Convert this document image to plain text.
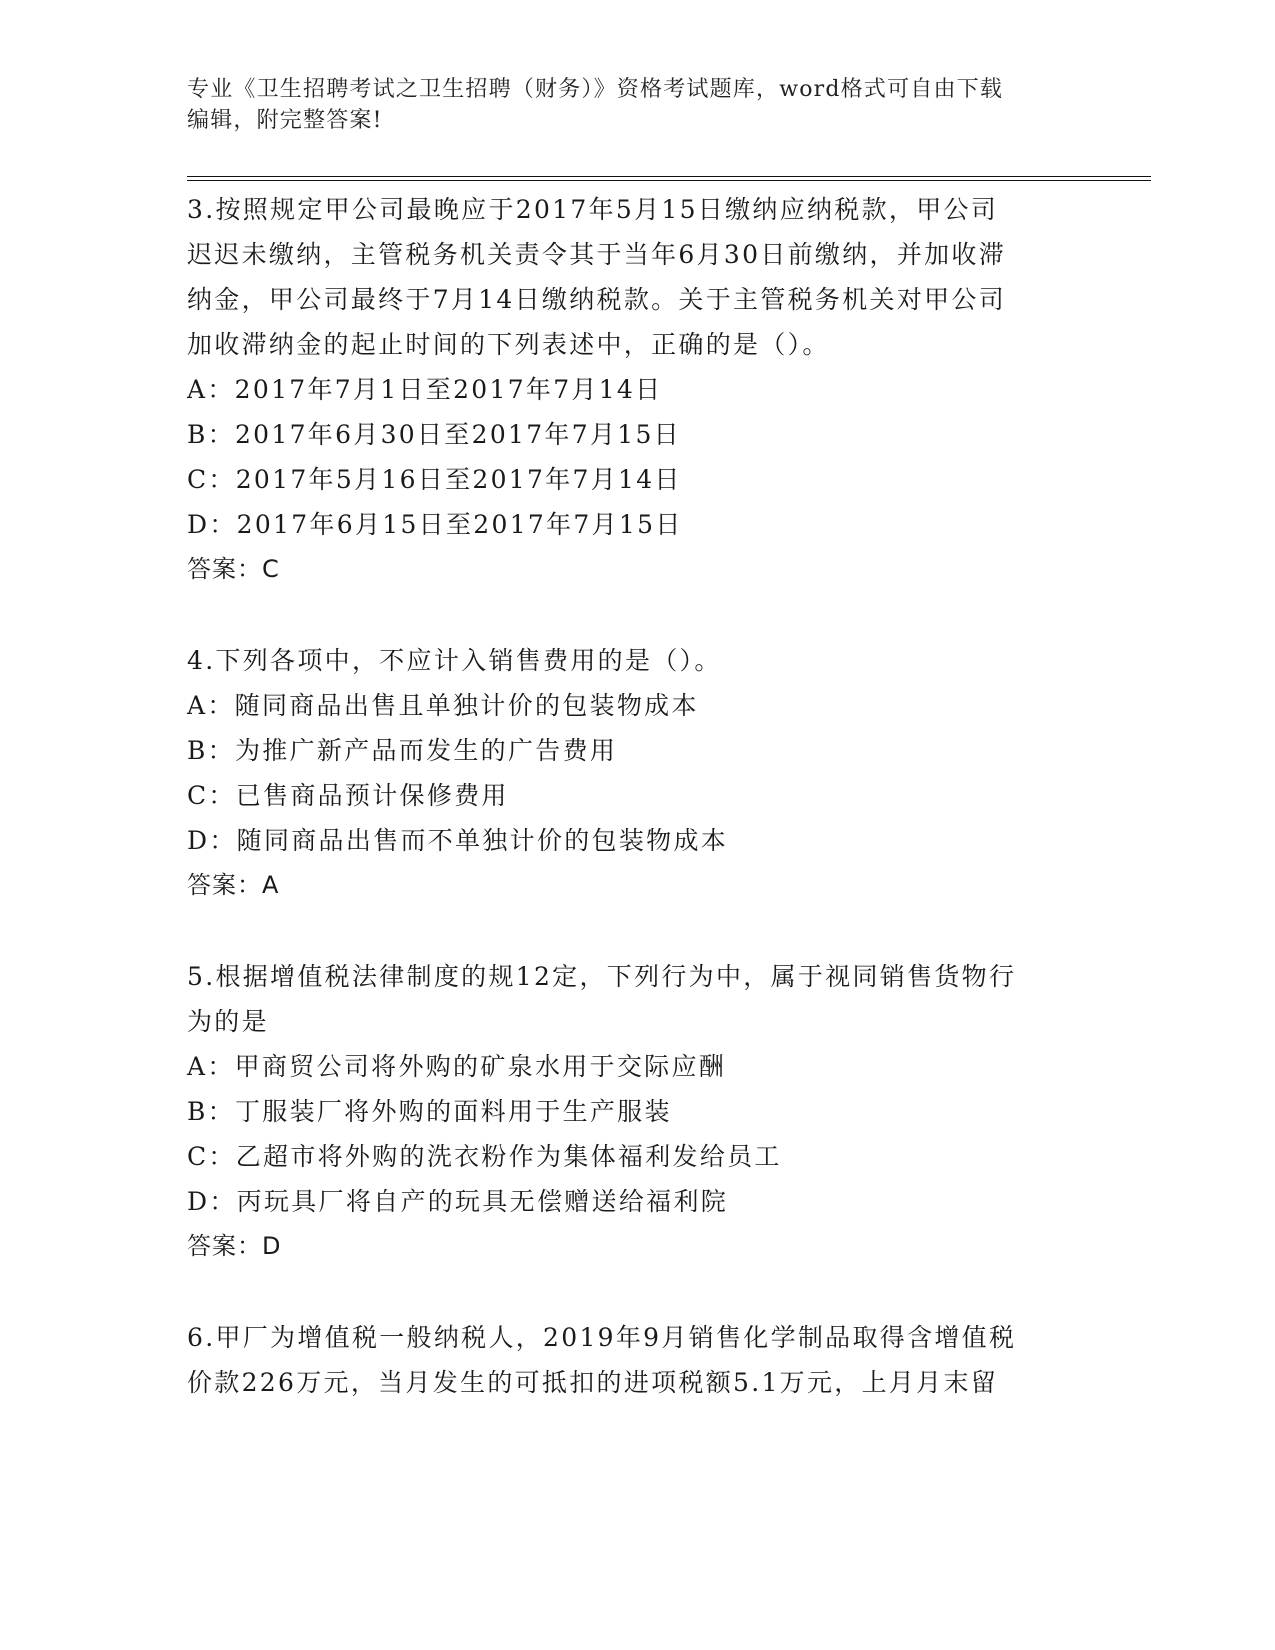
专业《卫生招聘考试之卫生招聘（财务）》资格考试题库，word格式可自由下载
编辑，附完整答案!
3.按照规定甲公司最晚应于2017年5月15日缴纳应纳税款，甲公司
迟迟未缴纳，主管税务机关责令其于当年6月30日前缴纳，并加收滞
纳金，甲公司最终于7月14日缴纳税款。关于主管税务机关对甲公司
加收滞纳金的起止时间的下列表述中，正确的是（）。
A：2017年7月1日至2017年7月14日
B：2017年6月30日至2017年7月15日
C：2017年5月16日至2017年7月14日
D：2017年6月15日至2017年7月15日
答案：C
4.下列各项中，不应计入销售费用的是（）。
A：随同商品出售且单独计价的包装物成本
B：为推广新产品而发生的广告费用
C：已售商品预计保修费用
D：随同商品出售而不单独计价的包装物成本
答案：A
5.根据增值税法律制度的规12定，下列行为中，属于视同销售货物行
为的是
A：甲商贸公司将外购的矿泉水用于交际应酬
B：丁服装厂将外购的面料用于生产服装
C：乙超市将外购的洗衣粉作为集体福利发给员工
D：丙玩具厂将自产的玩具无偿赠送给福利院
答案：D
6.甲厂为增值税一般纳税人，2019年9月销售化学制品取得含增值税
价款226万元，当月发生的可抵扣的进项税额5.1万元，上月月末留
